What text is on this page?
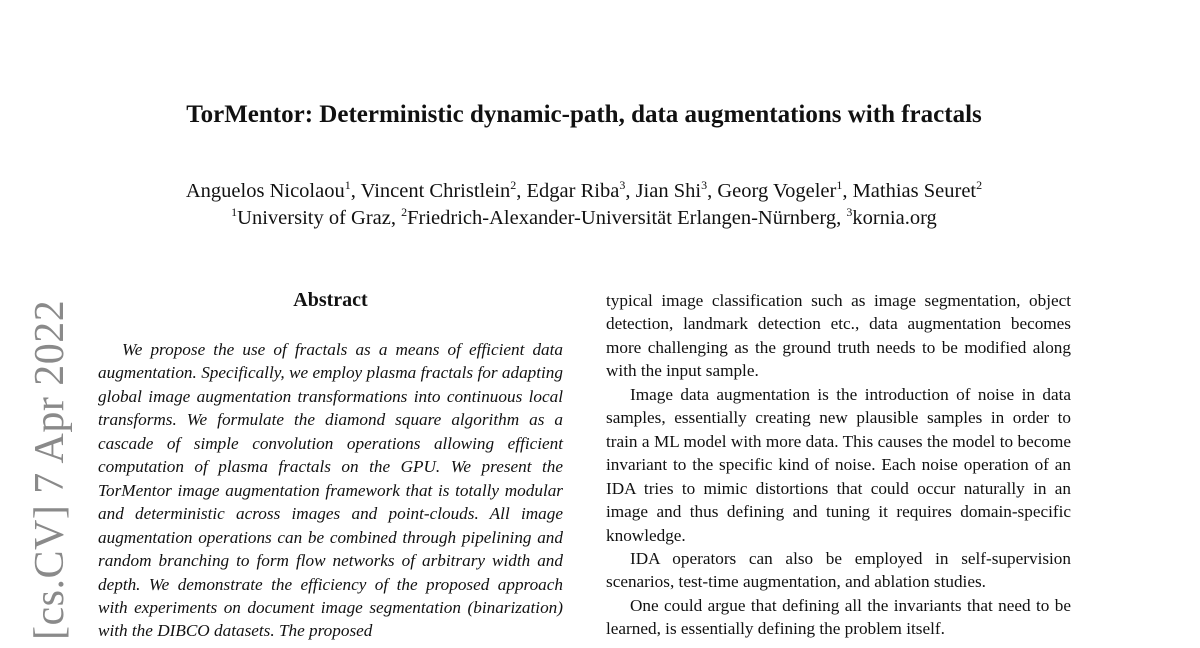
TorMentor: Deterministic dynamic-path, data augmentations with fractals
Anguelos Nicolaou$^1$, Vincent Christlein$^2$, Edgar Riba$^3$, Jian Shi$^3$, Georg Vogeler$^1$, Mathias Seuret$^2$
$^1$University of Graz, $^2$Friedrich-Alexander-Universität Erlangen-Nürnberg, $^3$kornia.org
[cs.CV] 7 Apr 2022	Abstract

We propose the use of fractals as a means of efficient data augmentation. Specifically, we employ plasma fractals for adapting global image augmentation transformations into continuous local transforms. We formulate the diamond square algorithm as a cascade of simple convolution operations allowing efficient computation of plasma fractals on the GPU. We present the TorMentor image augmentation framework that is totally modular and deterministic across images and point-clouds. All image augmentation operations can be combined through pipelining and random branching to form flow networks of arbitrary width and depth. We demonstrate the efficiency of the proposed approach with experiments on document image segmentation (binarization) with the DIBCO datasets. The proposed

typical image classification such as image segmentation, object detection, landmark detection etc., data augmentation becomes more challenging as the ground truth needs to be modified along with the input sample.

Image data augmentation is the introduction of noise in data samples, essentially creating new plausible samples in order to train a ML model with more data. This causes the model to become invariant to the specific kind of noise. Each noise operation of an IDA tries to mimic distortions that could occur naturally in an image and thus defining and tuning it requires domain-specific knowledge.

IDA operators can also be employed in self-supervision scenarios, test-time augmentation, and ablation studies.

One could argue that defining all the invariants that need to be learned, is essentially defining the problem itself.
